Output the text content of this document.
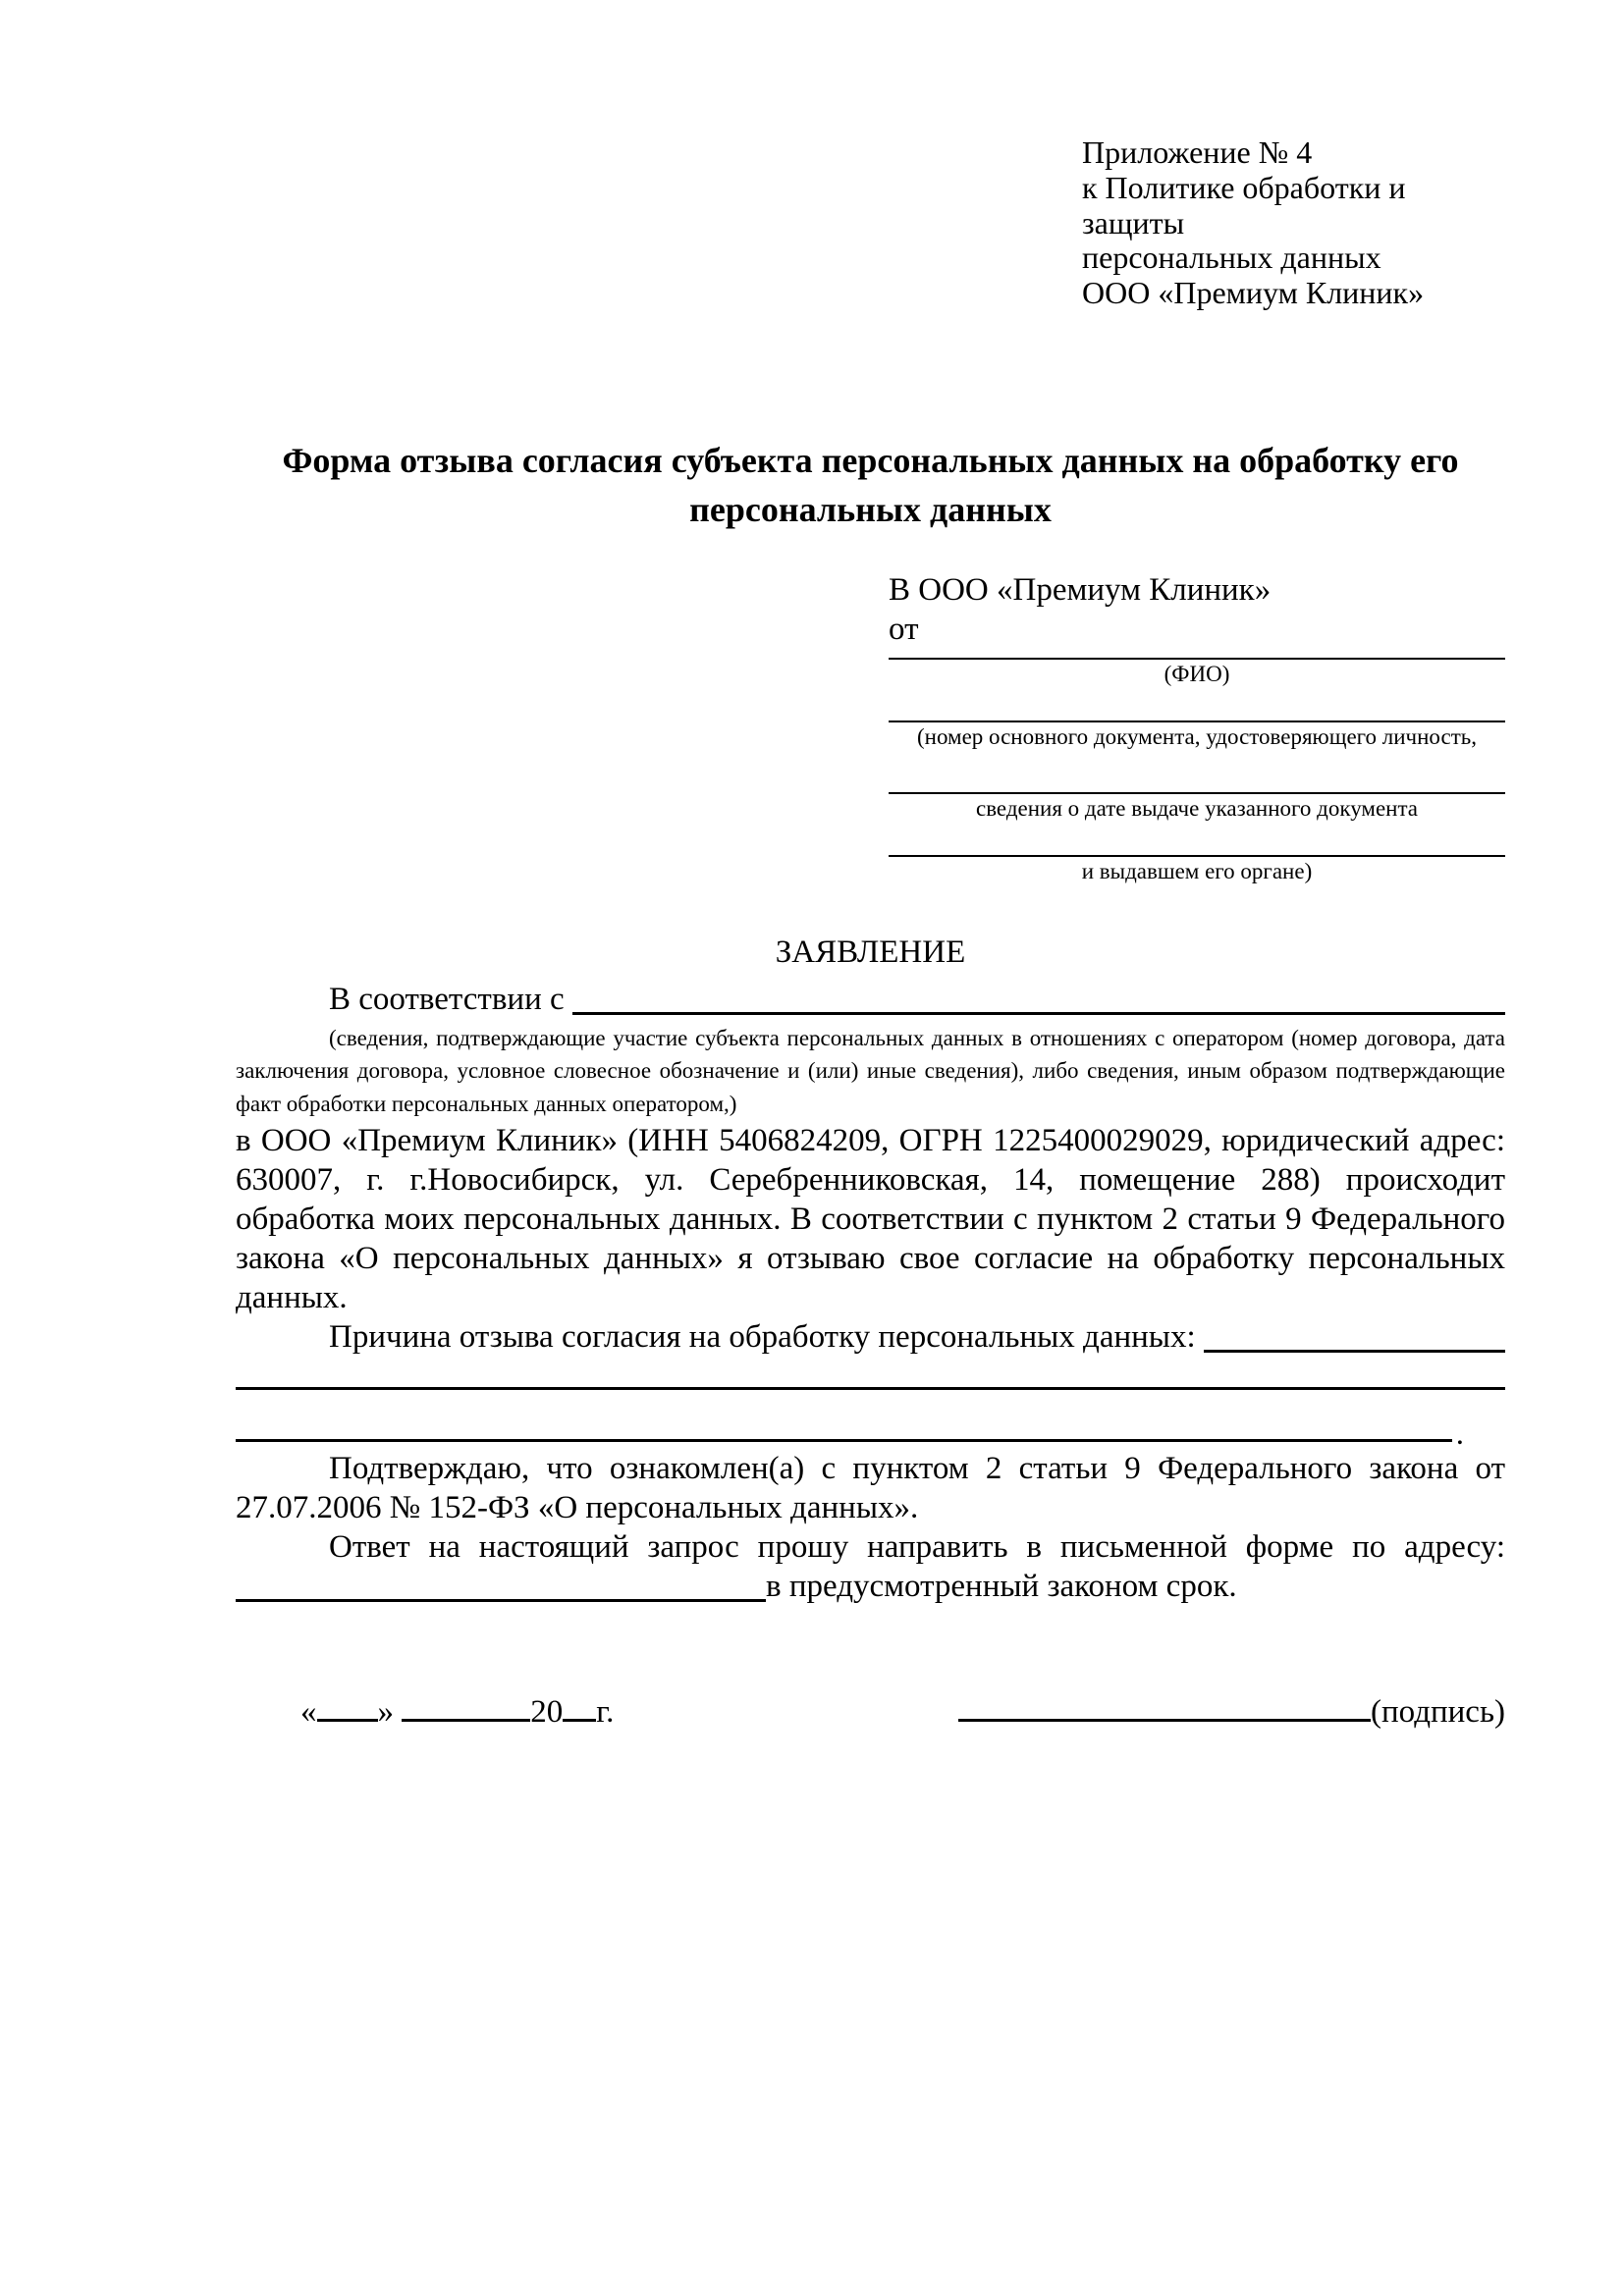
Приложение № 4
к Политике обработки и защиты
персональных данных
ООО «Премиум Клиник»
Форма отзыва согласия субъекта персональных данных на обработку его персональных данных
В ООО «Премиум Клиник»
от
(ФИО)
(номер основного документа, удостоверяющего личность,
сведения о дате выдаче указанного документа
и выдавшем его органе)
ЗАЯВЛЕНИЕ
В соответствии с
(сведения, подтверждающие участие субъекта персональных данных в отношениях с оператором (номер договора, дата заключения договора, условное словесное обозначение и (или) иные сведения), либо сведения, иным образом подтверждающие факт обработки персональных данных оператором,)
в ООО «Премиум Клиник» (ИНН 5406824209, ОГРН 1225400029029, юридический адрес: 630007, г. г.Новосибирск, ул. Серебренниковская, 14, помещение 288) происходит обработка моих персональных данных. В соответствии с пунктом 2 статьи 9 Федерального закона «О персональных данных» я отзываю свое согласие на обработку персональных данных.
Причина отзыва согласия на обработку персональных данных:
.
Подтверждаю, что ознакомлен(а) с пунктом 2 статьи 9 Федерального закона от 27.07.2006 № 152-ФЗ «О персональных данных».
Ответ на настоящий запрос прошу направить в письменной форме по адресу:
в предусмотренный законом срок.

« »	20 г.
	(подпись)
